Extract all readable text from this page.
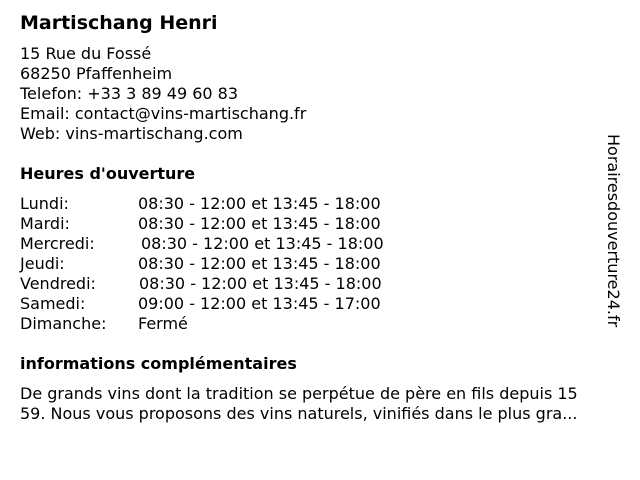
Martischang Henri
15 Rue du Fossé
68250 Pfaffenheim
Telefon: +33 3 89 49 60 83
Email: contact@vins-martischang.fr
Web: vins-martischang.com
Heures d'ouverture
Lundi:	08:30 - 12:00 et 13:45 - 18:00
Mardi:	08:30 - 12:00 et 13:45 - 18:00
Mercredi:	08:30 - 12:00 et 13:45 - 18:00
Jeudi:	08:30 - 12:00 et 13:45 - 18:00
Vendredi:	08:30 - 12:00 et 13:45 - 18:00
Samedi:	09:00 - 12:00 et 13:45 - 17:00
Dimanche: Fermé
informations complémentaires
De grands vins dont la tradition se perpétue de père en fils depuis 15
59. Nous vous proposons des vins naturels, vinifiés dans le plus gra...
Horairesdouverture24.fr
